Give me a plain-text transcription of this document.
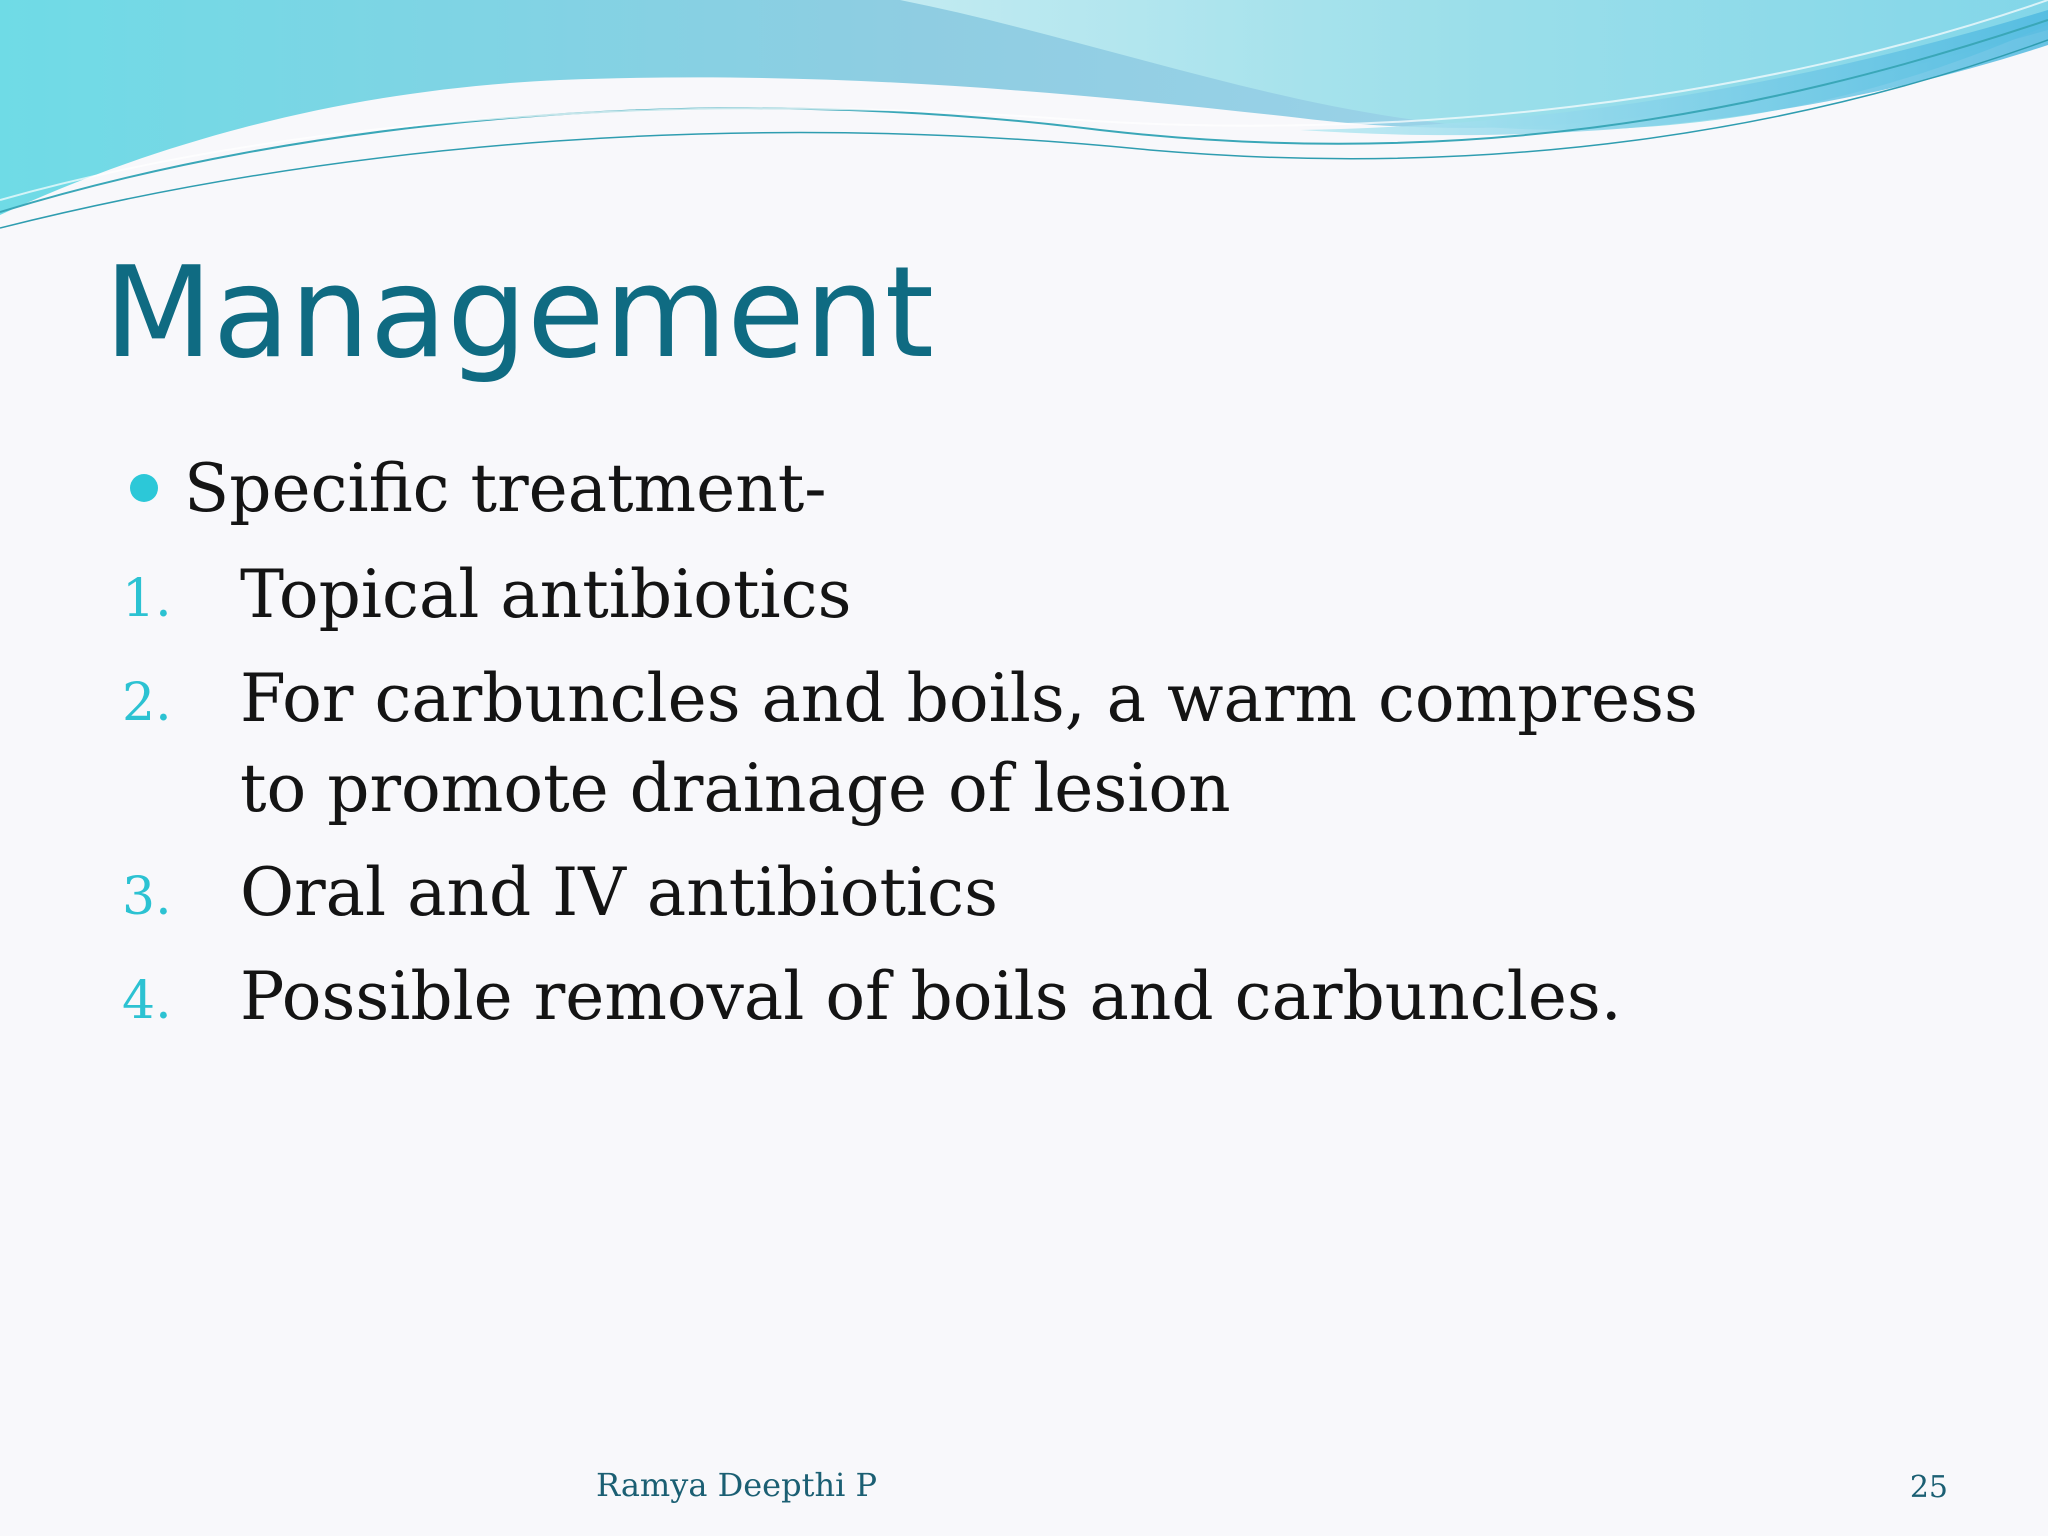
Management
Specific treatment-
1. Topical antibiotics
2. For carbuncles and boils, a warm compress to promote drainage of lesion
3. Oral and IV antibiotics
4. Possible removal of boils and carbuncles.
Ramya Deepthi P	25
